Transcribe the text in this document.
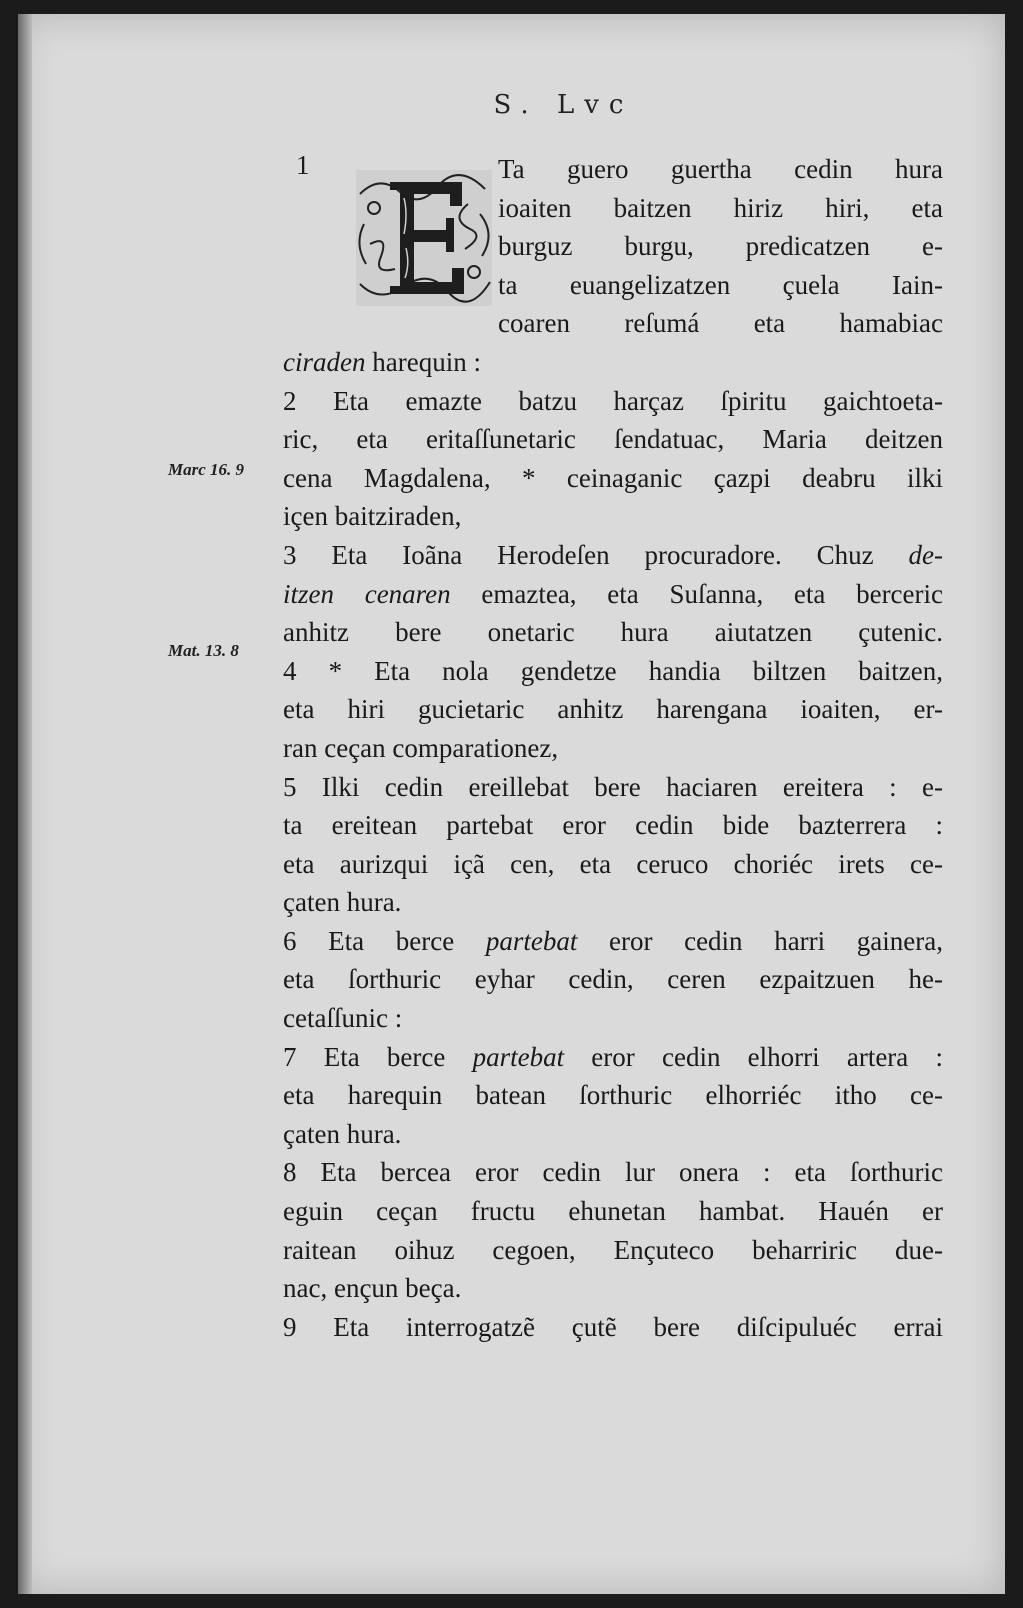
S. Lvc
1
Marc 16. 9
Mat. 13. 8
Ta guero guertha cedin hura
ioaiten baitzen hiriz hiri, eta
burguz burgu, predicatzen e-
ta euangelizatzen çuela Iain-
coaren reſumá eta hamabiac
ciraden harequin :
2 Eta emazte batzu harçaz ſpiritu gaichtoeta-
ric, eta eritaſſunetaric ſendatuac, Maria deitzen
cena Magdalena, * ceinaganic çazpi deabru ilki
içen baitziraden,
3 Eta Ioãna Herodeſen procuradore. Chuz de-
itzen cenaren emaztea, eta Suſanna, eta berceric
anhitz bere onetaric hura aiutatzen çutenic.
4 * Eta nola gendetze handia biltzen baitzen,
eta hiri gucietaric anhitz harengana ioaiten, er-
ran ceçan comparationez,
5 Ilki cedin ereillebat bere haciaren ereitera : e-
ta ereitean partebat eror cedin bide bazterrera :
eta aurizqui içã cen, eta ceruco choriéc irets ce-
çaten hura.
6 Eta berce partebat eror cedin harri gainera,
eta ſorthuric eyhar cedin, ceren ezpaitzuen he-
cetaſſunic :
7 Eta berce partebat eror cedin elhorri artera :
eta harequin batean ſorthuric elhorriéc itho ce-
çaten hura.
8 Eta bercea eror cedin lur onera : eta ſorthuric
eguin ceçan fructu ehunetan hambat. Hauén er
raitean oihuz cegoen, Ençuteco beharriric due-
nac, ençun beça.
9 Eta interrogatzẽ çutẽ bere diſcipuluéc errai
